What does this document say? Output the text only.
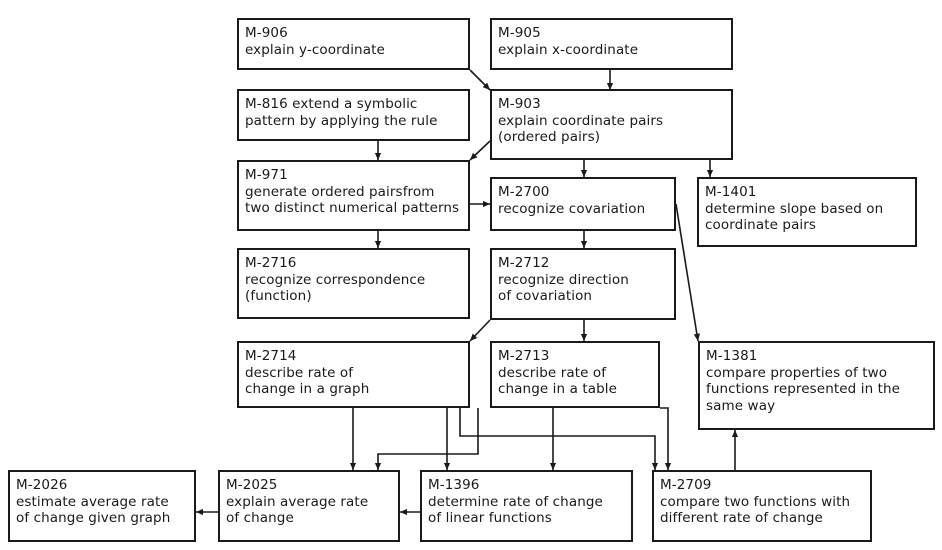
M-906
explain y-coordinate
M-905
explain x-coordinate
M-816 extend a symbolic
pattern by applying the rule
M-903
explain coordinate pairs
(ordered pairs)
M-971
generate ordered pairsfrom
two distinct numerical patterns
M-2700
recognize covariation
M-1401
determine slope based on
coordinate pairs
M-2716
recognize correspondence
(function)
M-2712
recognize direction
of covariation
M-2714
describe rate of
change in a graph
M-2713
describe rate of
change in a table
M-1381
compare properties of two
functions represented in the
same way
M-2026
estimate average rate
of change given graph
M-2025
explain average rate
of change
M-1396
determine rate of change
of linear functions
M-2709
compare two functions with
different rate of change
